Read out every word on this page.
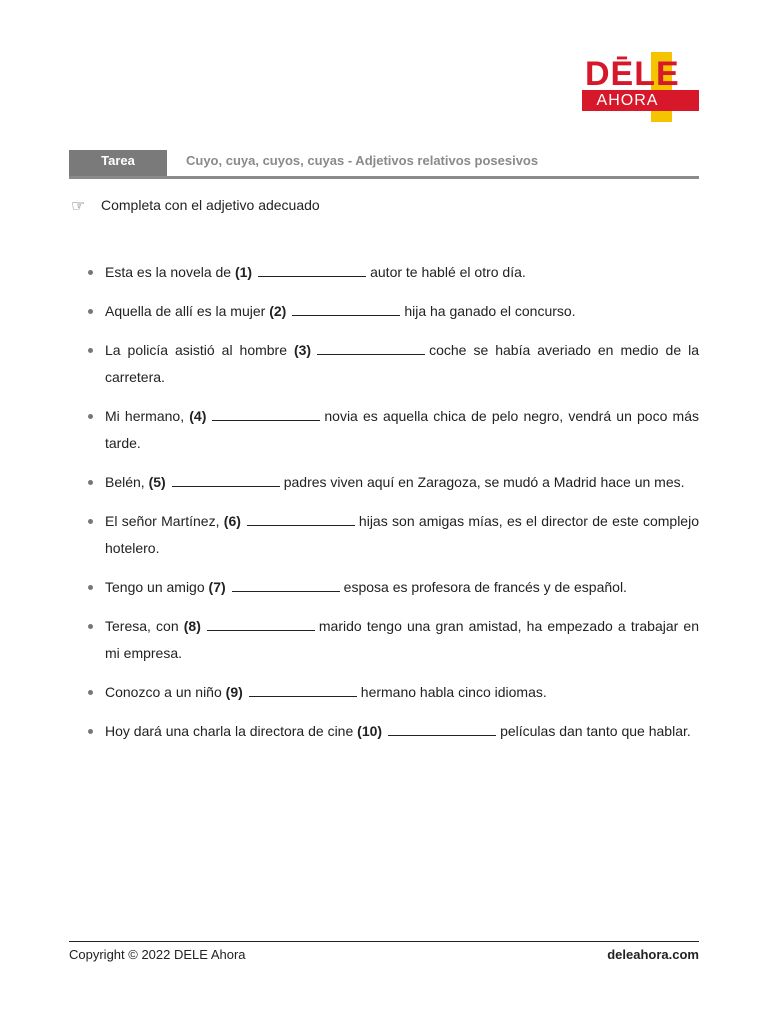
DĒLE
AHORA
Tarea	Cuyo, cuya, cuyos, cuyas - Adjetivos relativos posesivos
☞ Completa con el adjetivo adecuado
Esta es la novela de (1)	autor te hablé el otro día.
Aquella de allí es la mujer (2)	hija ha ganado el concurso.
La policía asistió al hombre (3)	coche se había averiado en medio de la carretera.
Mi hermano, (4)	novia es aquella chica de pelo negro, vendrá un poco más tarde.
Belén, (5)	padres viven aquí en Zaragoza, se mudó a Madrid hace un mes.
El señor Martínez, (6)	hijas son amigas mías, es el director de este complejo hotelero.
Tengo un amigo (7)	esposa es profesora de francés y de español.
Teresa, con (8)	marido tengo una gran amistad, ha empezado a trabajar en mi empresa.
Conozco a un niño (9)	hermano habla cinco idiomas.
Hoy dará una charla la directora de cine (10)	películas dan tanto que hablar.
Copyright © 2022 DELE Ahora	deleahora.com
